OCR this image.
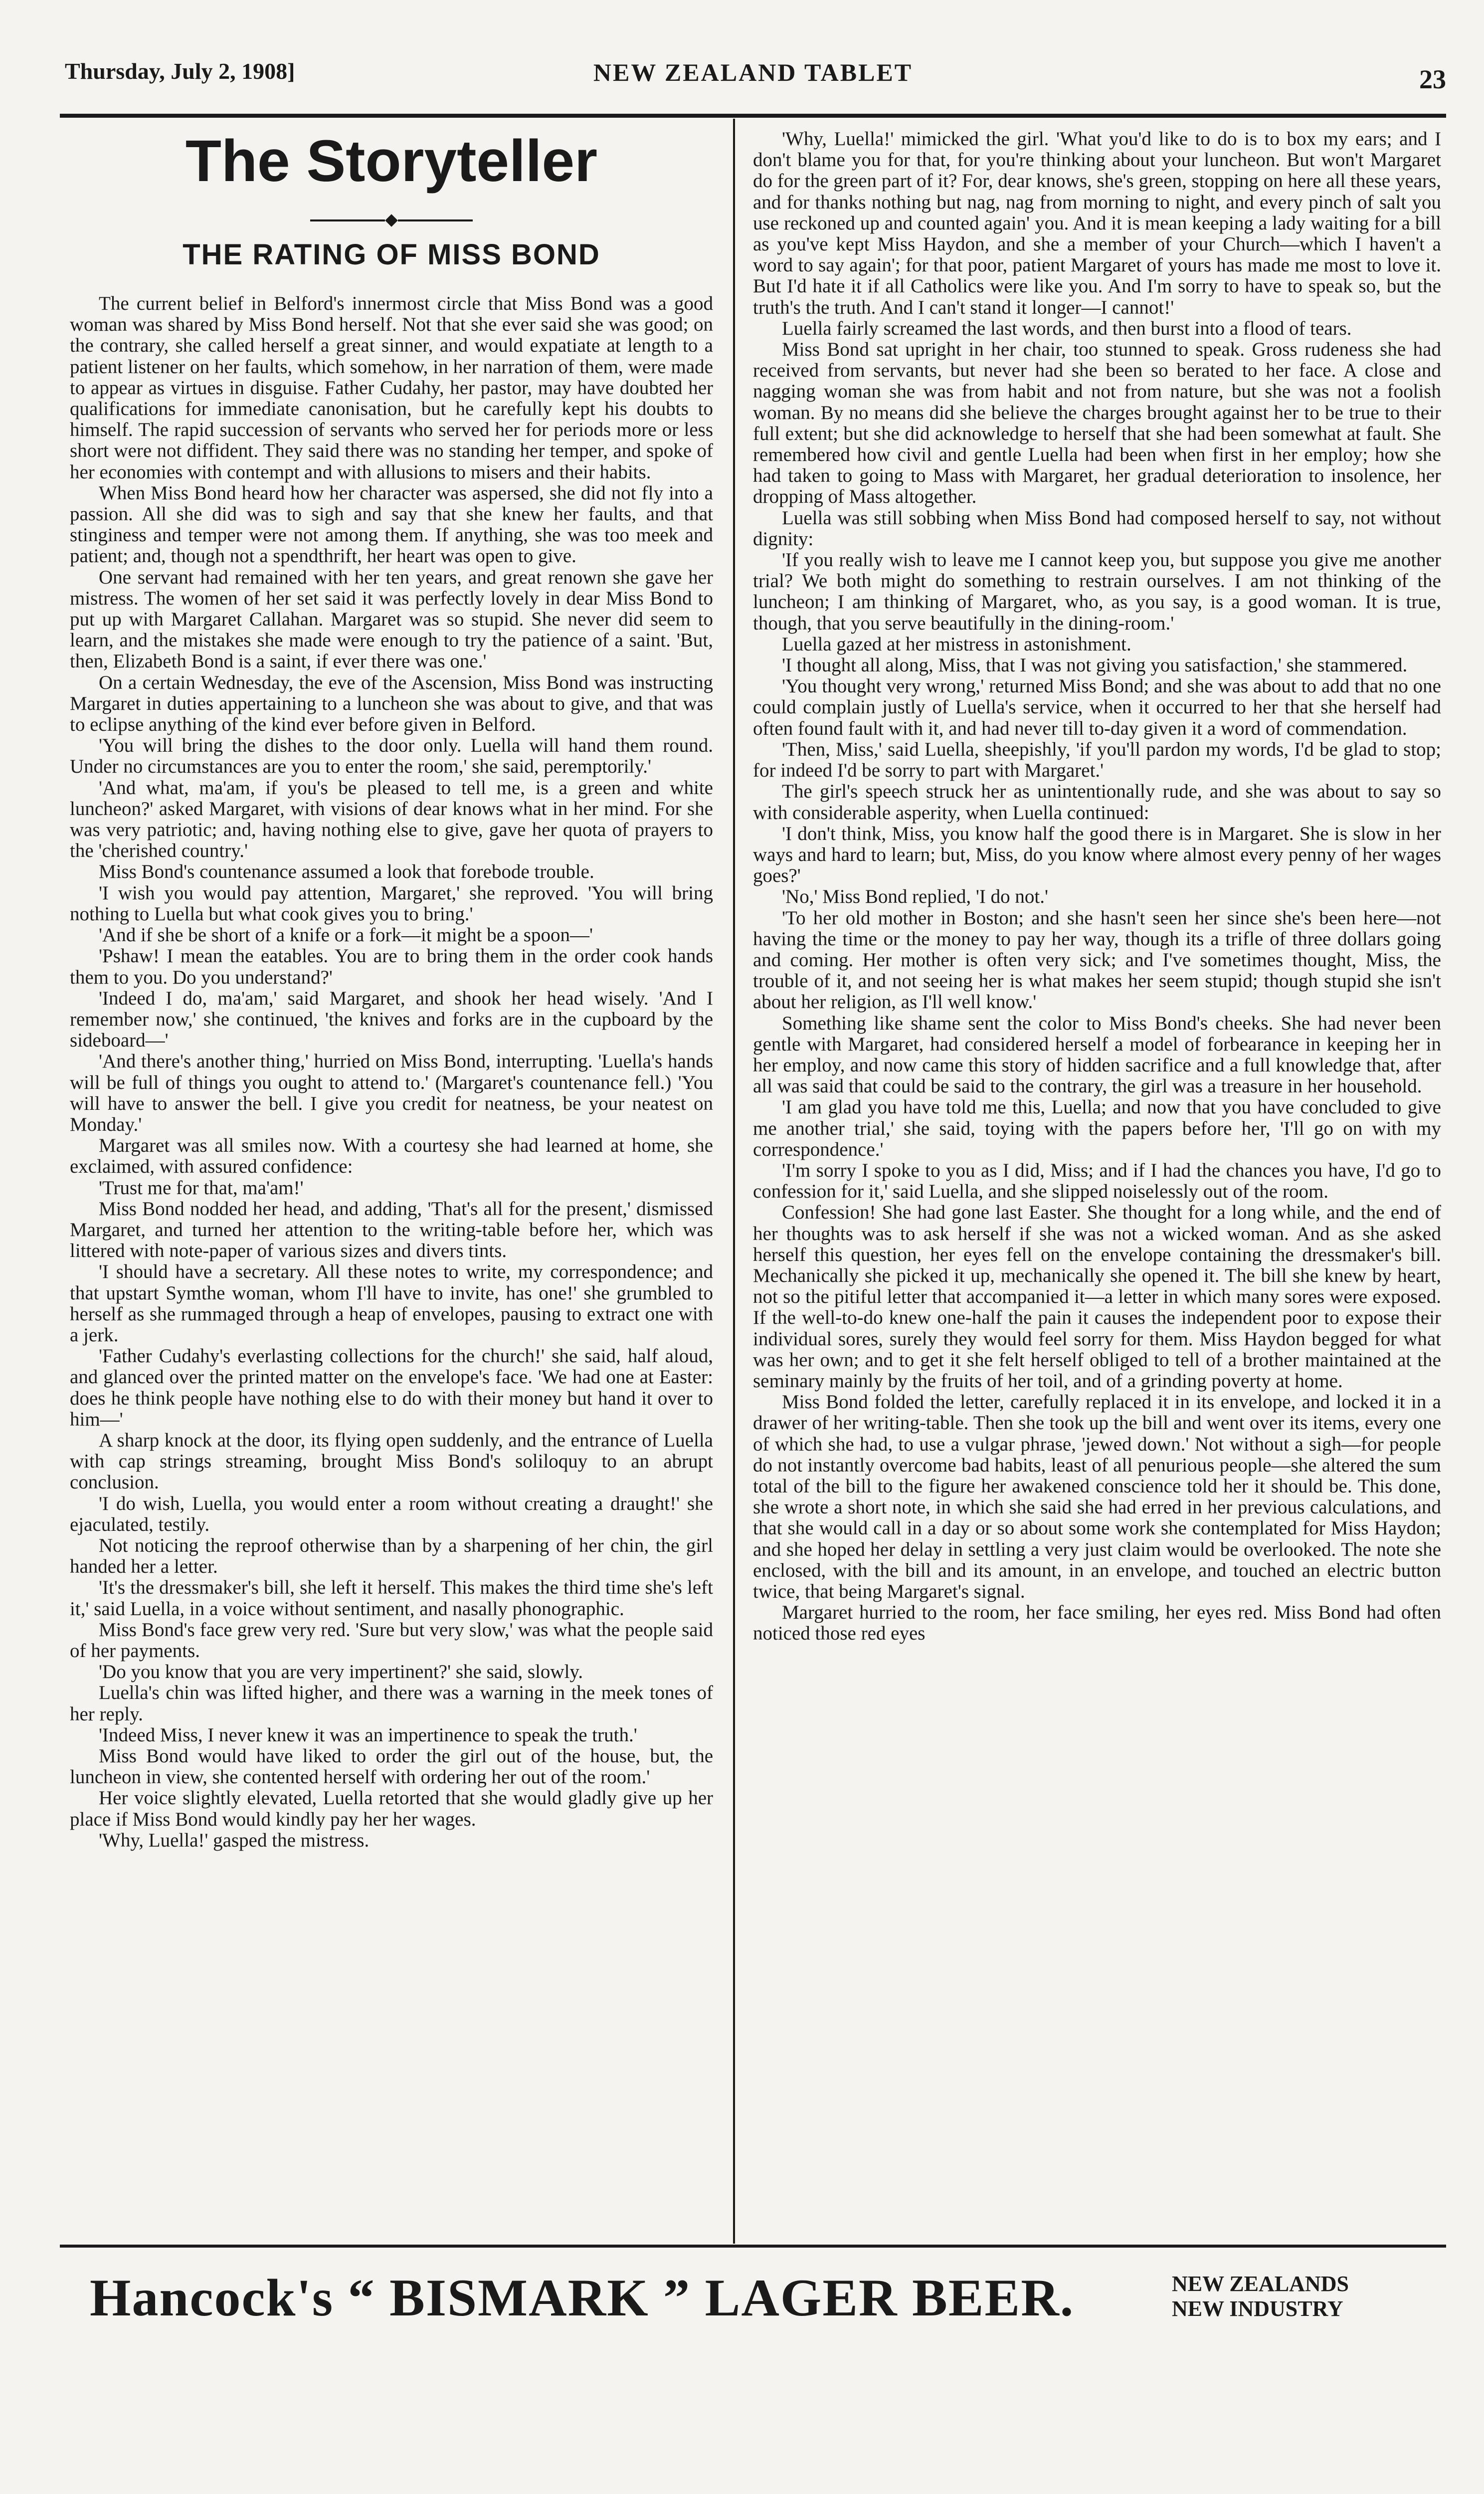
Thursday, July 2, 1908]	NEW ZEALAND TABLET	23
The Storyteller
THE RATING OF MISS BOND

The current belief in Belford's innermost circle that Miss Bond was a good woman was shared by Miss Bond herself. Not that she ever said she was good; on the contrary, she called herself a great sinner, and would expatiate at length to a patient listener on her faults, which somehow, in her narration of them, were made to appear as virtues in disguise. Father Cudahy, her pastor, may have doubted her qualifications for immediate canonisation, but he carefully kept his doubts to himself. The rapid succession of servants who served her for periods more or less short were not diffident. They said there was no standing her temper, and spoke of her economies with contempt and with allusions to misers and their habits.

When Miss Bond heard how her character was aspersed, she did not fly into a passion. All she did was to sigh and say that she knew her faults, and that stinginess and temper were not among them. If anything, she was too meek and patient; and, though not a spendthrift, her heart was open to give.

One servant had remained with her ten years, and great renown she gave her mistress. The women of her set said it was perfectly lovely in dear Miss Bond to put up with Margaret Callahan. Margaret was so stupid. She never did seem to learn, and the mistakes she made were enough to try the patience of a saint. 'But, then, Elizabeth Bond is a saint, if ever there was one.'

On a certain Wednesday, the eve of the Ascension, Miss Bond was instructing Margaret in duties appertaining to a luncheon she was about to give, and that was to eclipse anything of the kind ever before given in Belford.

'You will bring the dishes to the door only. Luella will hand them round. Under no circumstances are you to enter the room,' she said, peremptorily.'

'And what, ma'am, if you's be pleased to tell me, is a green and white luncheon?' asked Margaret, with visions of dear knows what in her mind. For she was very patriotic; and, having nothing else to give, gave her quota of prayers to the 'cherished country.'

Miss Bond's countenance assumed a look that forebode trouble.

'I wish you would pay attention, Margaret,' she reproved. 'You will bring nothing to Luella but what cook gives you to bring.'

'And if she be short of a knife or a fork—it might be a spoon—'

'Pshaw! I mean the eatables. You are to bring them in the order cook hands them to you. Do you understand?'

'Indeed I do, ma'am,' said Margaret, and shook her head wisely. 'And I remember now,' she continued, 'the knives and forks are in the cupboard by the sideboard—'

'And there's another thing,' hurried on Miss Bond, interrupting. 'Luella's hands will be full of things you ought to attend to.' (Margaret's countenance fell.) 'You will have to answer the bell. I give you credit for neatness, be your neatest on Monday.'

Margaret was all smiles now. With a courtesy she had learned at home, she exclaimed, with assured confidence:

'Trust me for that, ma'am!'

Miss Bond nodded her head, and adding, 'That's all for the present,' dismissed Margaret, and turned her attention to the writing-table before her, which was littered with note-paper of various sizes and divers tints.

'I should have a secretary. All these notes to write, my correspondence; and that upstart Symthe woman, whom I'll have to invite, has one!' she grumbled to herself as she rummaged through a heap of envelopes, pausing to extract one with a jerk.

'Father Cudahy's everlasting collections for the church!' she said, half aloud, and glanced over the printed matter on the envelope's face. 'We had one at Easter: does he think people have nothing else to do with their money but hand it over to him—'

A sharp knock at the door, its flying open suddenly, and the entrance of Luella with cap strings streaming, brought Miss Bond's soliloquy to an abrupt conclusion.

'I do wish, Luella, you would enter a room without creating a draught!' she ejaculated, testily.

Not noticing the reproof otherwise than by a sharpening of her chin, the girl handed her a letter.

'It's the dressmaker's bill, she left it herself. This makes the third time she's left it,' said Luella, in a voice without sentiment, and nasally phonographic.

Miss Bond's face grew very red. 'Sure but very slow,' was what the people said of her payments.

'Do you know that you are very impertinent?' she said, slowly.

Luella's chin was lifted higher, and there was a warning in the meek tones of her reply.

'Indeed Miss, I never knew it was an impertinence to speak the truth.'

Miss Bond would have liked to order the girl out of the house, but, the luncheon in view, she contented herself with ordering her out of the room.'

Her voice slightly elevated, Luella retorted that she would gladly give up her place if Miss Bond would kindly pay her her wages.

'Why, Luella!' gasped the mistress.

'Why, Luella!' mimicked the girl. 'What you'd like to do is to box my ears; and I don't blame you for that, for you're thinking about your luncheon. But won't Margaret do for the green part of it? For, dear knows, she's green, stopping on here all these years, and for thanks nothing but nag, nag from morning to night, and every pinch of salt you use reckoned up and counted again' you. And it is mean keeping a lady waiting for a bill as you've kept Miss Haydon, and she a member of your Church—which I haven't a word to say again'; for that poor, patient Margaret of yours has made me most to love it. But I'd hate it if all Catholics were like you. And I'm sorry to have to speak so, but the truth's the truth. And I can't stand it longer—I cannot!'

Luella fairly screamed the last words, and then burst into a flood of tears.

Miss Bond sat upright in her chair, too stunned to speak. Gross rudeness she had received from servants, but never had she been so berated to her face. A close and nagging woman she was from habit and not from nature, but she was not a foolish woman. By no means did she believe the charges brought against her to be true to their full extent; but she did acknowledge to herself that she had been somewhat at fault. She remembered how civil and gentle Luella had been when first in her employ; how she had taken to going to Mass with Margaret, her gradual deterioration to insolence, her dropping of Mass altogether.

Luella was still sobbing when Miss Bond had composed herself to say, not without dignity:

'If you really wish to leave me I cannot keep you, but suppose you give me another trial? We both might do something to restrain ourselves. I am not thinking of the luncheon; I am thinking of Margaret, who, as you say, is a good woman. It is true, though, that you serve beautifully in the dining-room.'

Luella gazed at her mistress in astonishment.

'I thought all along, Miss, that I was not giving you satisfaction,' she stammered.

'You thought very wrong,' returned Miss Bond; and she was about to add that no one could complain justly of Luella's service, when it occurred to her that she herself had often found fault with it, and had never till to-day given it a word of commendation.

'Then, Miss,' said Luella, sheepishly, 'if you'll pardon my words, I'd be glad to stop; for indeed I'd be sorry to part with Margaret.'

The girl's speech struck her as unintentionally rude, and she was about to say so with considerable asperity, when Luella continued:

'I don't think, Miss, you know half the good there is in Margaret. She is slow in her ways and hard to learn; but, Miss, do you know where almost every penny of her wages goes?'

'No,' Miss Bond replied, 'I do not.'

'To her old mother in Boston; and she hasn't seen her since she's been here—not having the time or the money to pay her way, though its a trifle of three dollars going and coming. Her mother is often very sick; and I've sometimes thought, Miss, the trouble of it, and not seeing her is what makes her seem stupid; though stupid she isn't about her religion, as I'll well know.'

Something like shame sent the color to Miss Bond's cheeks. She had never been gentle with Margaret, had considered herself a model of forbearance in keeping her in her employ, and now came this story of hidden sacrifice and a full knowledge that, after all was said that could be said to the contrary, the girl was a treasure in her household.

'I am glad you have told me this, Luella; and now that you have concluded to give me another trial,' she said, toying with the papers before her, 'I'll go on with my correspondence.'

'I'm sorry I spoke to you as I did, Miss; and if I had the chances you have, I'd go to confession for it,' said Luella, and she slipped noiselessly out of the room.

Confession! She had gone last Easter. She thought for a long while, and the end of her thoughts was to ask herself if she was not a wicked woman. And as she asked herself this question, her eyes fell on the envelope containing the dressmaker's bill. Mechanically she picked it up, mechanically she opened it. The bill she knew by heart, not so the pitiful letter that accompanied it—a letter in which many sores were exposed. If the well-to-do knew one-half the pain it causes the independent poor to expose their individual sores, surely they would feel sorry for them. Miss Haydon begged for what was her own; and to get it she felt herself obliged to tell of a brother maintained at the seminary mainly by the fruits of her toil, and of a grinding poverty at home.

Miss Bond folded the letter, carefully replaced it in its envelope, and locked it in a drawer of her writing-table. Then she took up the bill and went over its items, every one of which she had, to use a vulgar phrase, 'jewed down.' Not without a sigh—for people do not instantly overcome bad habits, least of all penurious people—she altered the sum total of the bill to the figure her awakened conscience told her it should be. This done, she wrote a short note, in which she said she had erred in her previous calculations, and that she would call in a day or so about some work she contemplated for Miss Haydon; and she hoped her delay in settling a very just claim would be overlooked. The note she enclosed, with the bill and its amount, in an envelope, and touched an electric button twice, that being Margaret's signal.

Margaret hurried to the room, her face smiling, her eyes red. Miss Bond had often noticed those red eyes

Hancock's “ BISMARK ” LAGER BEER.	NEW ZEALANDS
NEW INDUSTRY
